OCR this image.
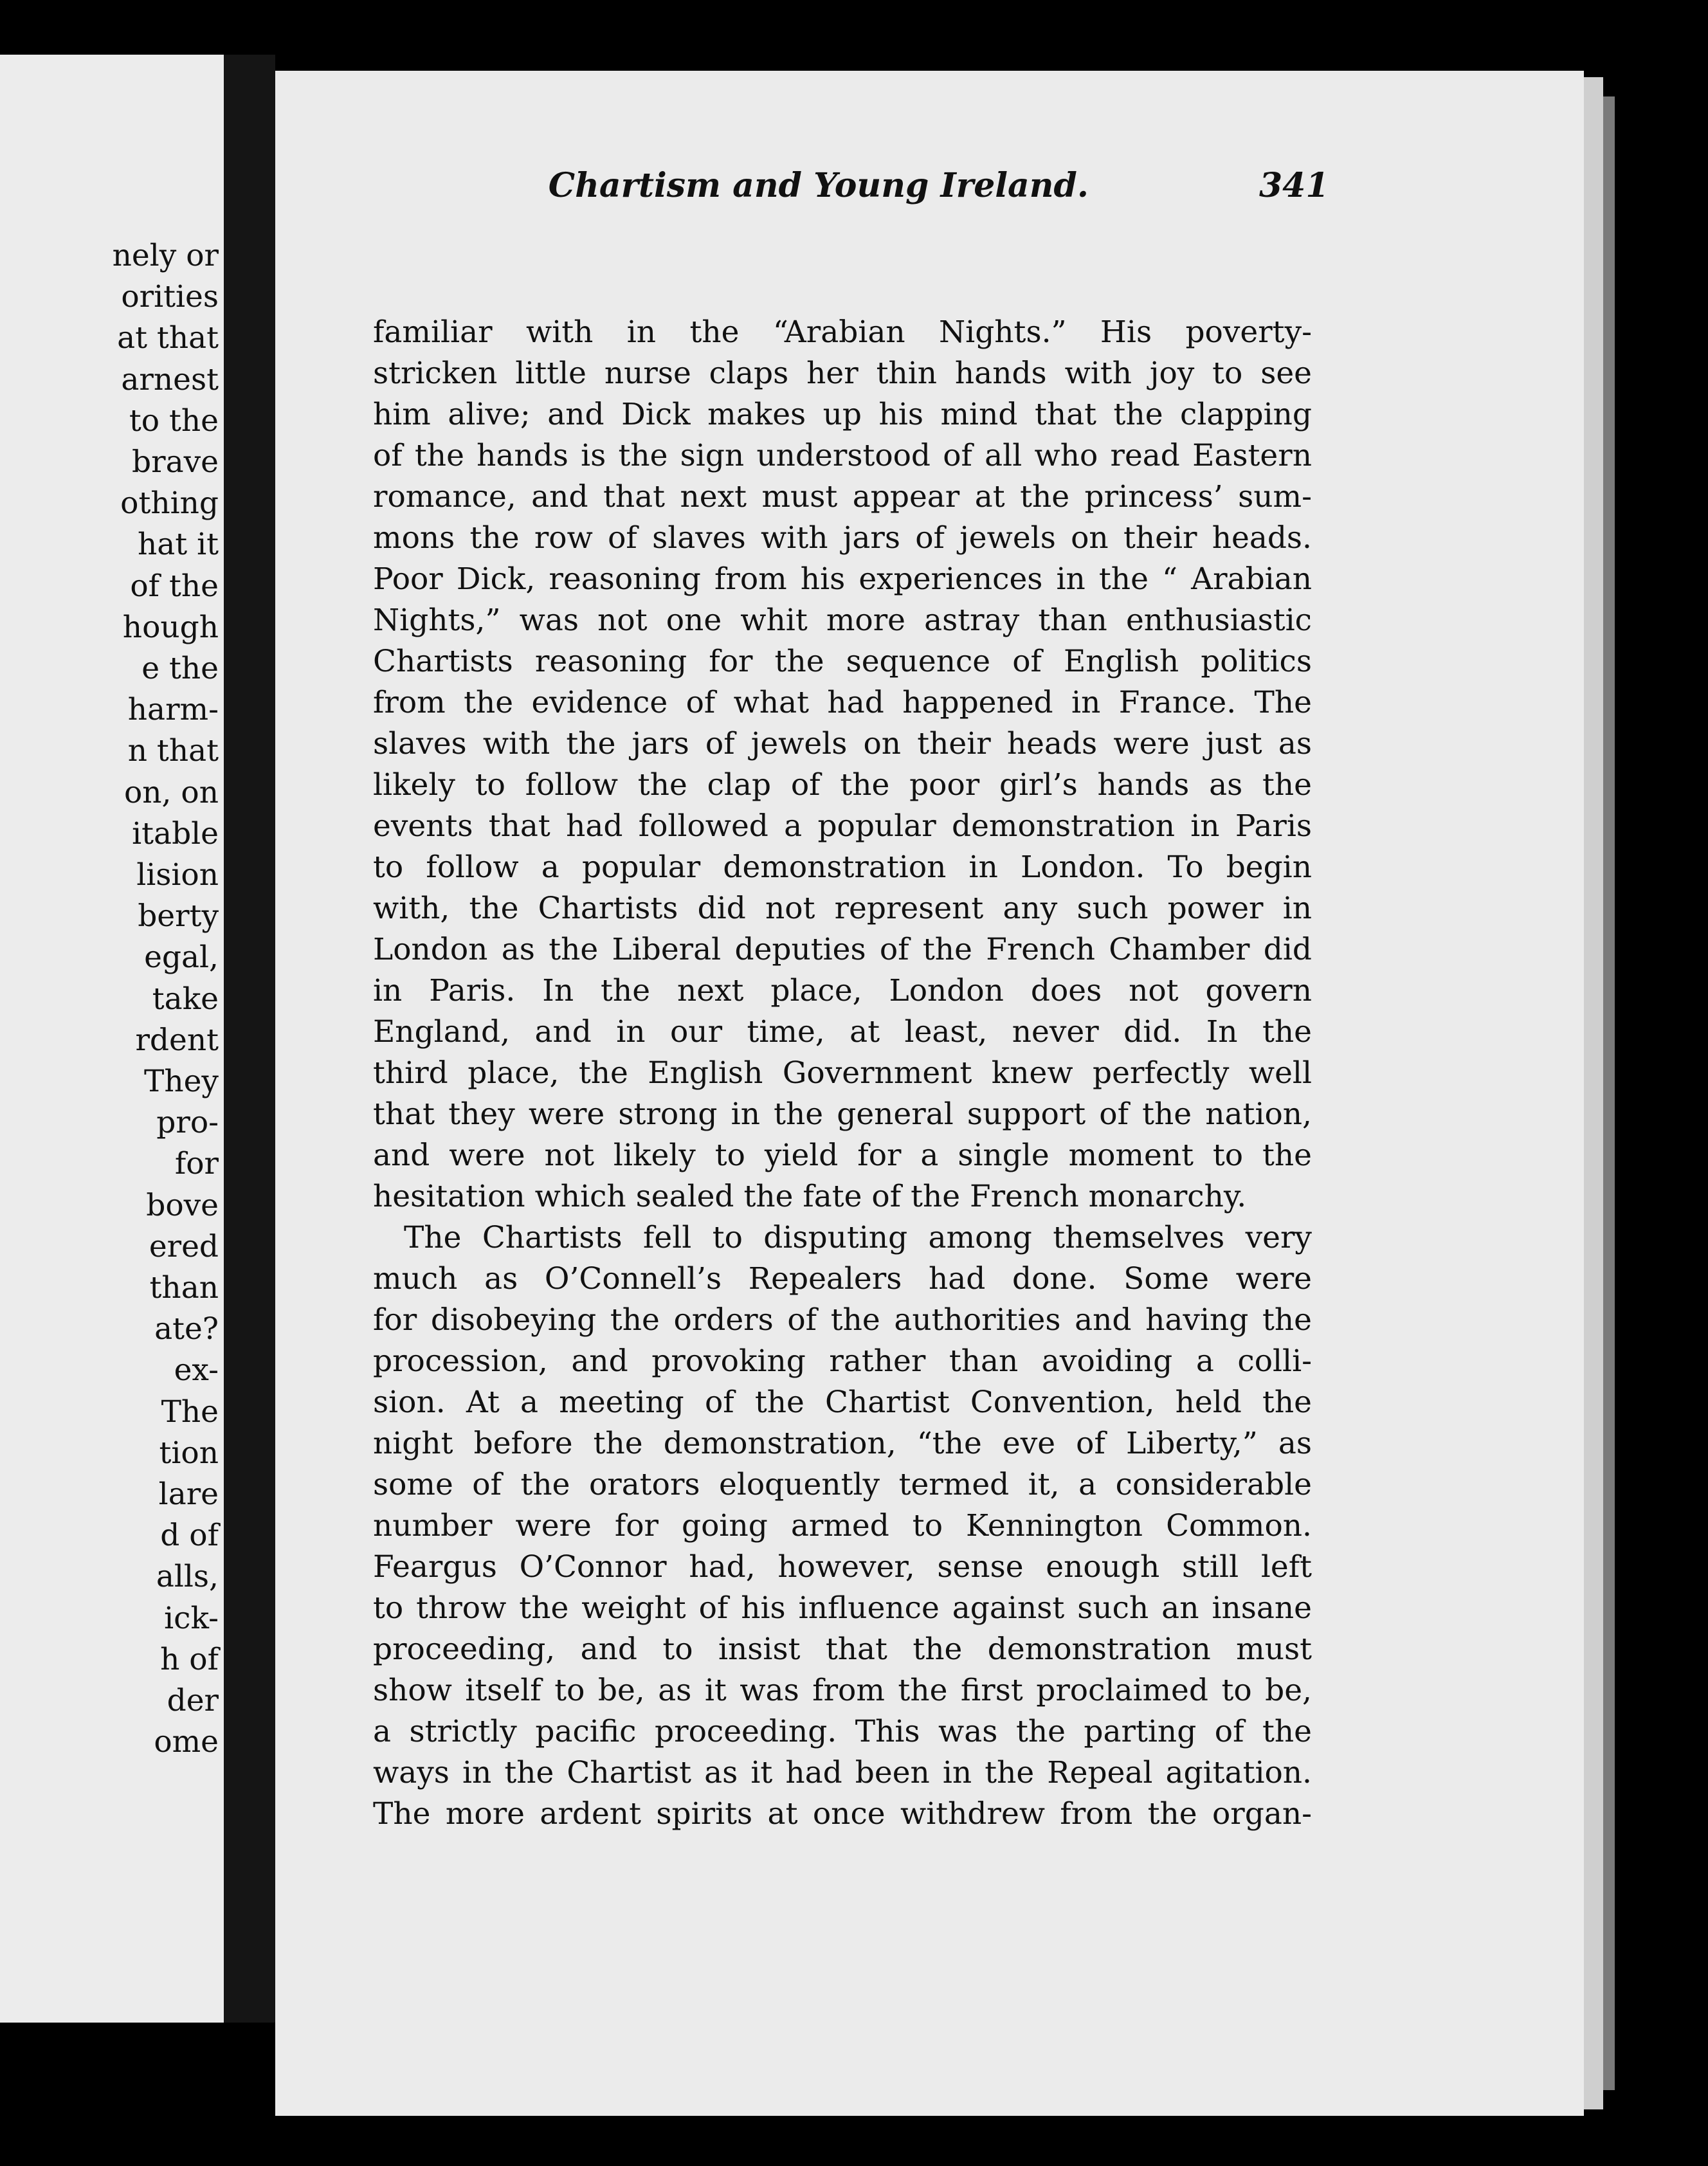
nely or
orities
at that
arnest
to the
brave
othing
hat it
of the
hough
e the
harm-
n that
on, on
itable
lision
berty
egal,
take
rdent
They
pro-
for
bove
ered
than
ate?
ex-
The
tion
lare
d of
alls,
ick-
h of
der
ome
Chartism and Young Ireland.	341
familiar with in the “Arabian Nights.” His poverty-
stricken little nurse claps her thin hands with joy to see
him alive; and Dick makes up his mind that the clapping
of the hands is the sign understood of all who read Eastern
romance, and that next must appear at the princess’ sum-
mons the row of slaves with jars of jewels on their heads.
Poor Dick, reasoning from his experiences in the “ Arabian
Nights,” was not one whit more astray than enthusiastic
Chartists reasoning for the sequence of English politics
from the evidence of what had happened in France. The
slaves with the jars of jewels on their heads were just as
likely to follow the clap of the poor girl’s hands as the
events that had followed a popular demonstration in Paris
to follow a popular demonstration in London. To begin
with, the Chartists did not represent any such power in
London as the Liberal deputies of the French Chamber did
in Paris. In the next place, London does not govern
England, and in our time, at least, never did. In the
third place, the English Government knew perfectly well
that they were strong in the general support of the nation,
and were not likely to yield for a single moment to the
hesitation which sealed the fate of the French monarchy.
The Chartists fell to disputing among themselves very
much as O’Connell’s Repealers had done. Some were
for disobeying the orders of the authorities and having the
procession, and provoking rather than avoiding a colli-
sion. At a meeting of the Chartist Convention, held the
night before the demonstration, “the eve of Liberty,” as
some of the orators eloquently termed it, a considerable
number were for going armed to Kennington Common.
Feargus O’Connor had, however, sense enough still left
to throw the weight of his influence against such an insane
proceeding, and to insist that the demonstration must
show itself to be, as it was from the first proclaimed to be,
a strictly pacific proceeding. This was the parting of the
ways in the Chartist as it had been in the Repeal agitation.
The more ardent spirits at once withdrew from the organ-
